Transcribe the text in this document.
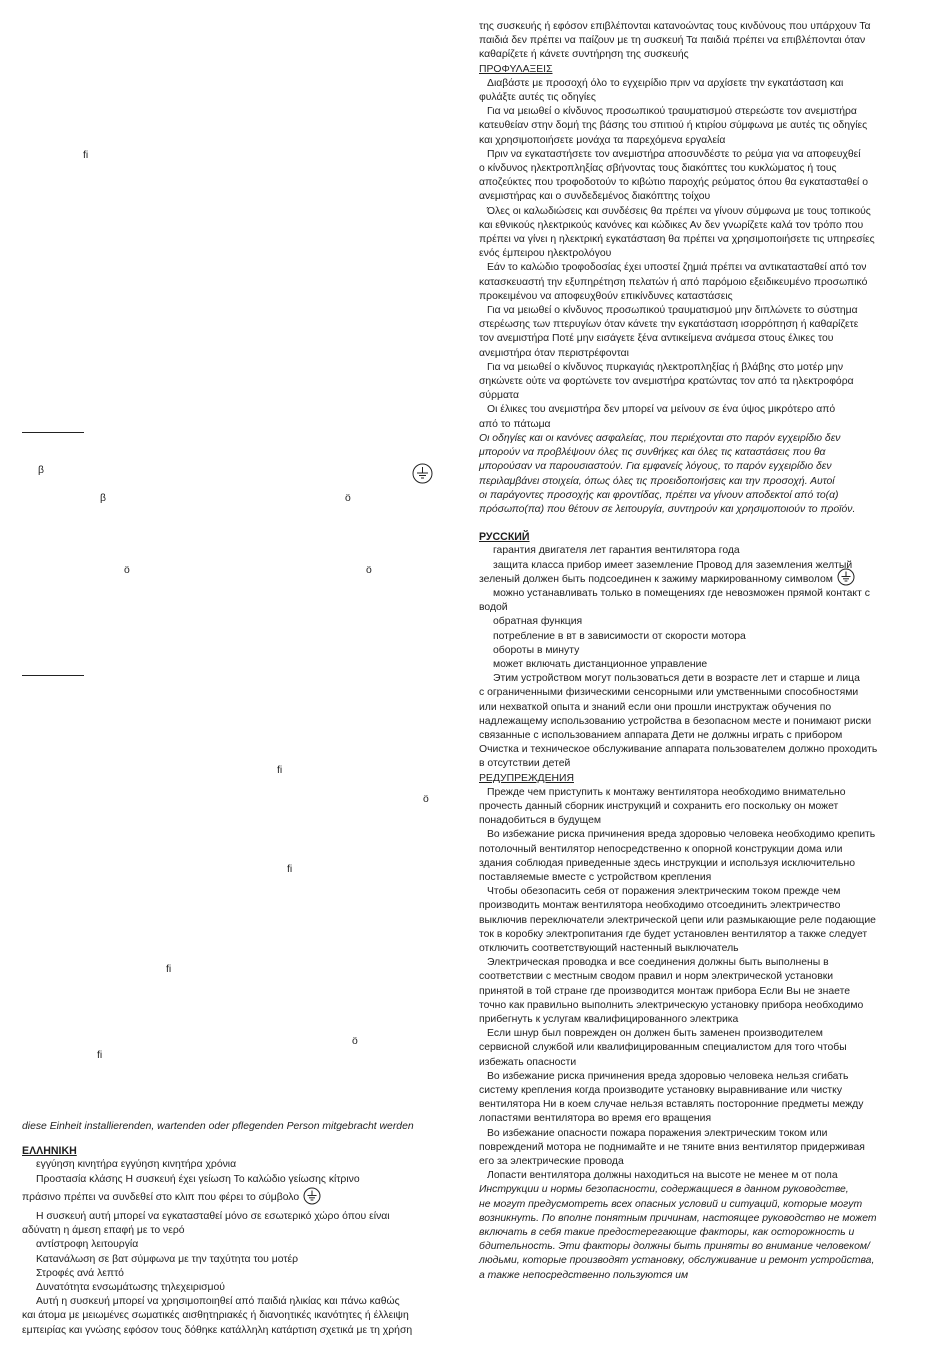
fi
β
β	ö
ö	ö
fi
ö
fi
fi
ö
fi

diese Einheit installierenden, wartenden oder pflegenden Person mitgebracht werden

ΕΛΛΗΝΙΚΗ

εγγύηση κινητήρα εγγύηση κινητήρα χρόνια

Προστασία κλάσης Η συσκευή έχει γείωση Το καλώδιο γείωσης κίτρινο

πράσινο πρέπει να συνδεθεί στο κλιπ που φέρει το σύμβολο

Η συσκευή αυτή μπορεί να εγκατασταθεί μόνο σε εσωτερικό χώρο όπου είναι

αδύνατη η άμεση επαφή με το νερό

αντίστροφη λειτουργία

Κατανάλωση σε βατ σύμφωνα με την ταχύτητα του μοτέρ

Στροφές ανά λεπτό

Δυνατότητα ενσωμάτωσης τηλεχειρισμού

Αυτή η συσκευή μπορεί να χρησιμοποιηθεί από παιδιά ηλικίας και πάνω καθώς

και άτομα με μειωμένες σωματικές αισθητηριακές ή διανοητικές ικανότητες ή έλλειψη

εμπειρίας και γνώσης εφόσον τους δόθηκε κατάλληλη κατάρτιση σχετικά με τη χρήση

της συσκευής ή εφόσον επιβλέπονται κατανοώντας τους κινδύνους που υπάρχουν Τα

παιδιά δεν πρέπει να παίζουν με τη συσκευή Τα παιδιά πρέπει να επιβλέπονται όταν

καθαρίζετε ή κάνετε συντήρηση της συσκευής

ΠΡΟΦΥΛΑΞΕΙΣ

Διαβάστε με προσοχή όλο το εγχειρίδιο πριν να αρχίσετε την εγκατάσταση και

φυλάξτε αυτές τις οδηγίες

Για να μειωθεί ο κίνδυνος προσωπικού τραυματισμού στερεώστε τον ανεμιστήρα

κατευθείαν στην δομή της βάσης του σπιτιού ή κτιρίου σύμφωνα με αυτές τις οδηγίες

και χρησιμοποιήσετε μονάχα τα παρεχόμενα εργαλεία

Πριν να εγκαταστήσετε τον ανεμιστήρα αποσυνδέστε το ρεύμα για να αποφευχθεί

ο κίνδυνος ηλεκτροπληξίας σβήνοντας τους διακόπτες του κυκλώματος ή τους

αποζεύκτες που τροφοδοτούν το κιβώτιο παροχής ρεύματος όπου θα εγκατασταθεί ο

ανεμιστήρας και ο συνδεδεμένος διακόπτης τοίχου

Όλες οι καλωδιώσεις και συνδέσεις θα πρέπει να γίνουν σύμφωνα με τους τοπικούς

και εθνικούς ηλεκτρικούς κανόνες και κώδικες Αν δεν γνωρίζετε καλά τον τρόπο που

πρέπει να γίνει η ηλεκτρική εγκατάσταση θα πρέπει να χρησιμοποιήσετε τις υπηρεσίες

ενός έμπειρου ηλεκτρολόγου

Εάν το καλώδιο τροφοδοσίας έχει υποστεί ζημιά πρέπει να αντικατασταθεί από τον

κατασκευαστή την εξυπηρέτηση πελατών ή από παρόμοιο εξειδικευμένο προσωπικό

προκειμένου να αποφευχθούν επικίνδυνες καταστάσεις

Για να μειωθεί ο κίνδυνος προσωπικού τραυματισμού μην διπλώνετε το σύστημα

στερέωσης των πτερυγίων όταν κάνετε την εγκατάσταση ισορρόπηση ή καθαρίζετε

τον ανεμιστήρα Ποτέ μην εισάγετε ξένα αντικείμενα ανάμεσα στους έλικες του

ανεμιστήρα όταν περιστρέφονται

Για να μειωθεί ο κίνδυνος πυρκαγιάς ηλεκτροπληξίας ή βλάβης στο μοτέρ μην

σηκώνετε ούτε να φορτώνετε τον ανεμιστήρα κρατώντας τον από τα ηλεκτροφόρα

σύρματα

Οι έλικες του ανεμιστήρα δεν μπορεί να μείνουν σε ένα ύψος μικρότερο από

από το πάτωμα

Οι οδηγίες και οι κανόνες ασφαλείας, που περιέχονται στο παρόν εγχειρίδιο δεν

μπορούν να προβλέψουν όλες τις συνθήκες και όλες τις καταστάσεις που θα

μπορούσαν να παρουσιαστούν. Για εμφανείς λόγους, το παρόν εγχειρίδιο δεν

περιλαμβάνει στοιχεία, όπως όλες τις προειδοποιήσεις και την προσοχή. Αυτοί

οι παράγοντες προσοχής και φροντίδας, πρέπει να γίνουν αποδεκτοί από το(α)

πρόσωπο(πα) που θέτουν σε λειτουργία, συντηρούν και χρησιμοποιούν το προϊόν.

РУССКИЙ

гарантия двигателя лет гарантия вентилятора года

защита класса прибор имеет заземление Провод для заземления желтый

зеленый должен быть подсоединен к зажиму маркированному символом

можно устанавливать только в помещениях где невозможен прямой контакт с

водой

обратная функция

потребление в вт в зависимости от скорости мотора

обороты в минуту

может включать дистанционное управление

Этим устройством могут пользоваться дети в возрасте лет и старше и лица

с ограниченными физическими сенсорными или умственными способностями

или нехваткой опыта и знаний если они прошли инструктаж обучения по

надлежащему использованию устройства в безопасном месте и понимают риски

связанные с использованием аппарата Дети не должны играть с прибором

Очистка и техническое обслуживание аппарата пользователем должно проходить

в отсутствии детей

РЕДУПРЕЖДЕНИЯ

Прежде чем приступить к монтажу вентилятора необходимо внимательно

прочесть данный сборник инструкций и сохранить его поскольку он может

понадобиться в будущем

Во избежание риска причинения вреда здоровью человека необходимо крепить

потолочный вентилятор непосредственно к опорной конструкции дома или

здания соблюдая приведенные здесь инструкции и используя исключительно

поставляемые вместе с устройством крепления

Чтобы обезопасить себя от поражения электрическим током прежде чем

производить монтаж вентилятора необходимо отсоединить электричество

выключив переключатели электрической цепи или размыкающие реле подающие

ток в коробку электропитания где будет установлен вентилятор а также следует

отключить соответствующий настенный выключатель

Электрическая проводка и все соединения должны быть выполнены в

соответствии с местным сводом правил и норм электрической установки

принятой в той стране где производится монтаж прибора Если Вы не знаете

точно как правильно выполнить электрическую установку прибора необходимо

прибегнуть к услугам квалифицированного электрика

Если шнур был поврежден он должен быть заменен производителем

сервисной службой или квалифицированным специалистом для того чтобы

избежать опасности

Во избежание риска причинения вреда здоровью человека нельзя сгибать

систему крепления когда производите установку выравнивание или чистку

вентилятора Ни в коем случае нельзя вставлять посторонние предметы между

лопастями вентилятора во время его вращения

Во избежание опасности пожара поражения электрическим током или

повреждений мотора не поднимайте и не тяните вниз вентилятор придерживая

его за электрические провода

Лопасти вентилятора должны находиться на высоте не менее м от пола

Инструкции и нормы безопасности, содержащиеся в данном руководстве,

не могут предусмотреть всех опасных условий и ситуаций, которые могут

возникнуть. По вполне понятным причинам, настоящее руководство не может

включать в себя такие предостерегающие факторы, как осторожность и

бдительность. Эти факторы должны быть приняты во внимание человеком/

людьми, которые производят установку, обслуживание и ремонт устройства,

а также непосредственно пользуются им
